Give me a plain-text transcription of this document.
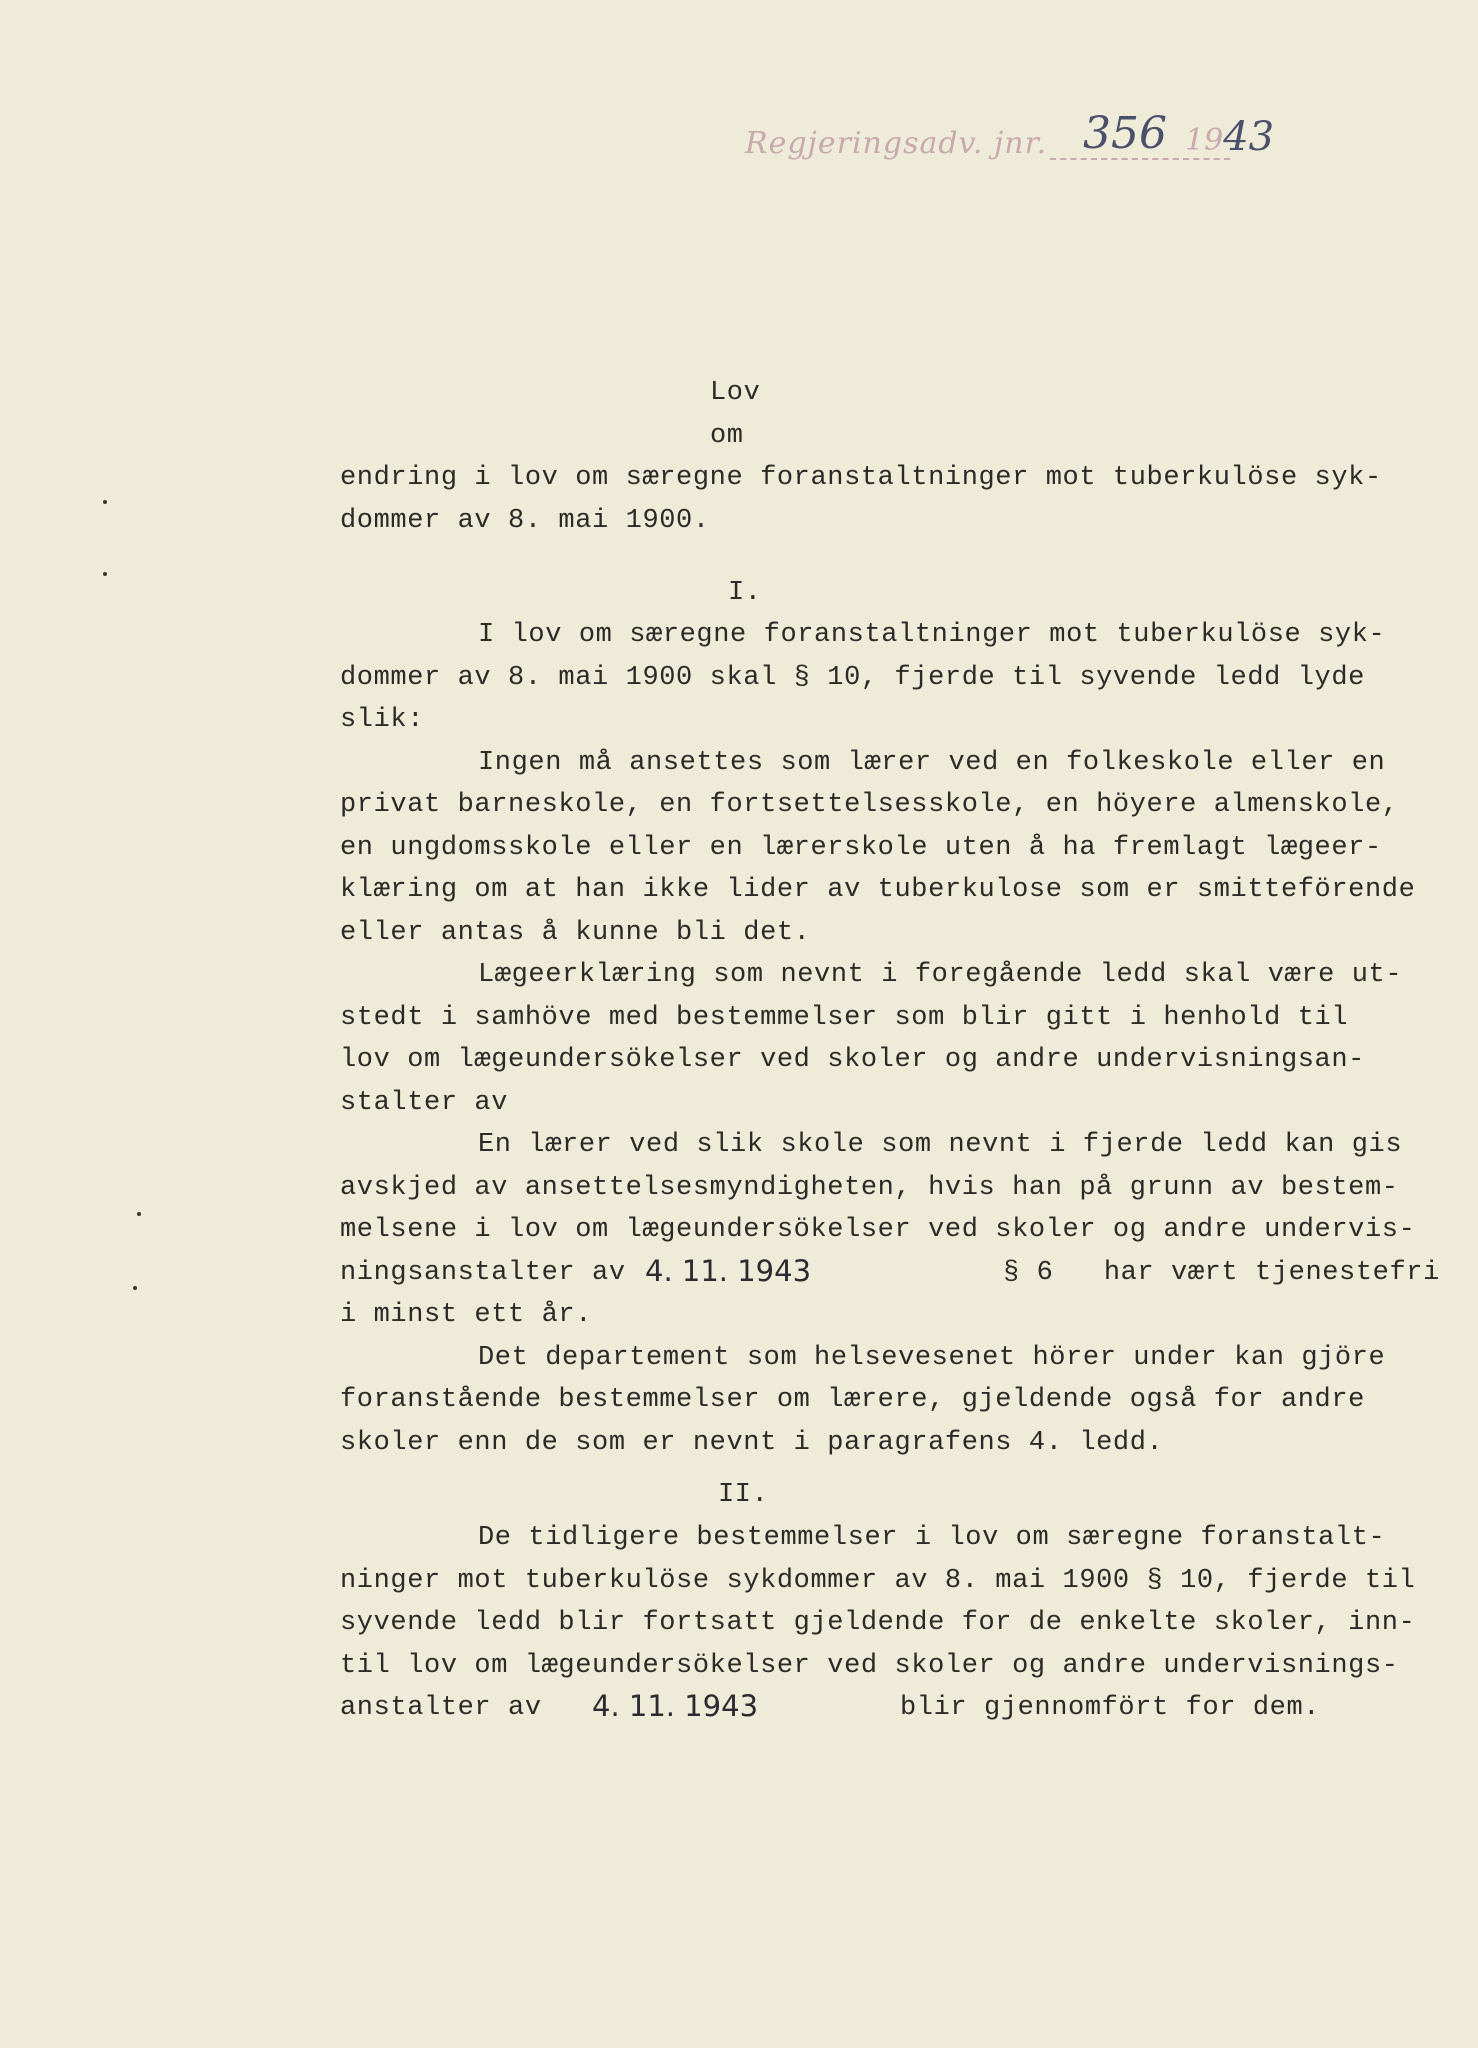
Regjeringsadv. jnr. 356 1943
Lov
om
endring i lov om særegne foranstaltninger mot tuberkulöse syk-
dommer av 8. mai 1900.
I.
I lov om særegne foranstaltninger mot tuberkulöse syk-
dommer av 8. mai 1900 skal § 10, fjerde til syvende ledd lyde
slik:
Ingen må ansettes som lærer ved en folkeskole eller en
privat barneskole, en fortsettelsesskole, en höyere almenskole,
en ungdomsskole eller en lærerskole uten å ha fremlagt lægeer-
klæring om at han ikke lider av tuberkulose som er smitteförende
eller antas å kunne bli det.
Lægeerklæring som nevnt i foregående ledd skal være ut-
stedt i samhöve med bestemmelser som blir gitt i henhold til
lov om lægeundersökelser ved skoler og andre undervisningsan-
stalter av
En lærer ved slik skole som nevnt i fjerde ledd kan gis
avskjed av ansettelsesmyndigheten, hvis han på grunn av bestem-
melsene i lov om lægeundersökelser ved skoler og andre undervis-
ningsanstalter av 4. 11. 1943	§ 6   har vært tjenestefri
i minst ett år.
Det departement som helsevesenet hörer under kan gjöre
foranstående bestemmelser om lærere, gjeldende også for andre
skoler enn de som er nevnt i paragrafens 4. ledd.
II.
De tidligere bestemmelser i lov om særegne foranstalt-
ninger mot tuberkulöse sykdommer av 8. mai 1900 § 10, fjerde til
syvende ledd blir fortsatt gjeldende for de enkelte skoler, inn-
til lov om lægeundersökelser ved skoler og andre undervisnings-
anstalter av 4. 11. 1943	blir gjennomfört for dem.
